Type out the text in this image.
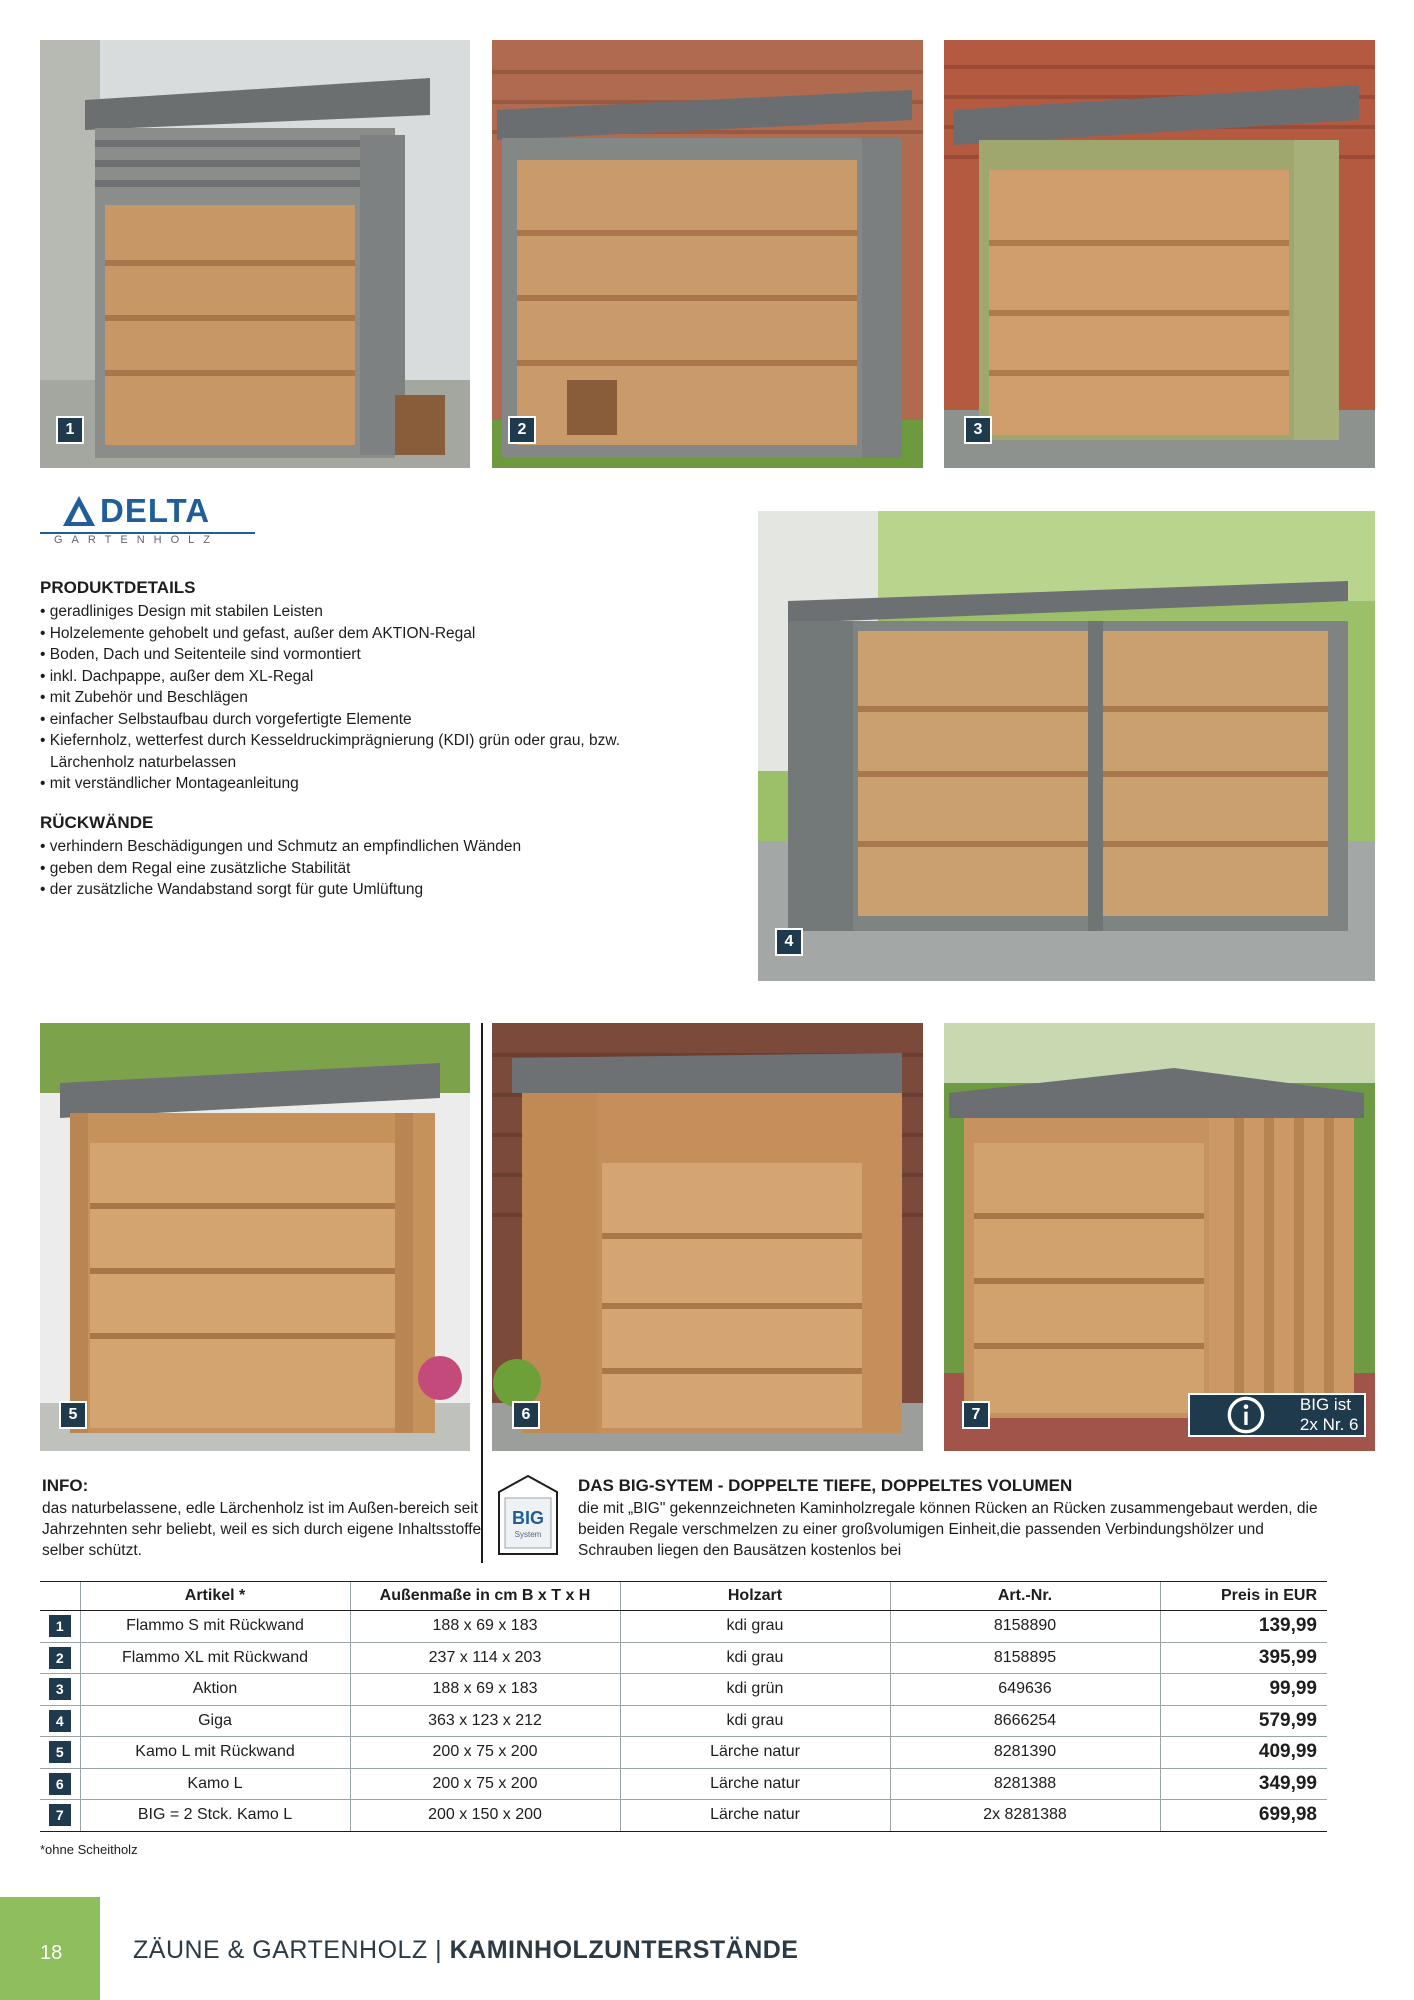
1	2	3
DELTA
GARTENHOLZ
PRODUKTDETAILS
• geradliniges Design mit stabilen Leisten
• Holzelemente gehobelt und gefast, außer dem AKTION-Regal
• Boden, Dach und Seitenteile sind vormontiert
• inkl. Dachpappe, außer dem XL-Regal
• mit Zubehör und Beschlägen
• einfacher Selbstaufbau durch vorgefertigte Elemente
• Kiefernholz, wetterfest durch Kesseldruckimprägnierung (KDI) grün oder grau, bzw. Lärchenholz naturbelassen
• mit verständlicher Montageanleitung
RÜCKWÄNDE
• verhindern Beschädigungen und Schmutz an empfindlichen Wänden
• geben dem Regal eine zusätzliche Stabilität
• der zusätzliche Wandabstand sorgt für gute Umlüftung
4
5	6	7
BIG ist 2x Nr. 6
INFO:
das naturbelassene, edle Lärchenholz ist im Außen-bereich seit Jahrzehnten sehr beliebt, weil es sich durch eigene Inhaltsstoffe selber schützt.
BIG
System
DAS BIG-SYTEM - DOPPELTE TIEFE, DOPPELTES VOLUMEN
die mit „BIG" gekennzeichneten Kaminholzregale können Rücken an Rücken zusammengebaut werden, die beiden Regale verschmelzen zu einer großvolumigen Einheit,die passenden Verbindungshölzer und Schrauben liegen den Bausätzen kostenlos bei
	Artikel *	Außenmaße in cm B x T x H	Holzart	Art.-Nr.	Preis in EUR
1	Flammo S mit Rückwand	188 x 69 x 183	kdi grau	8158890	139,99
2	Flammo XL mit Rückwand	237 x 114 x 203	kdi grau	8158895	395,99
3	Aktion	188 x 69 x 183	kdi grün	649636	99,99
4	Giga	363 x 123 x 212	kdi grau	8666254	579,99
5	Kamo L mit Rückwand	200 x 75 x 200	Lärche natur	8281390	409,99
6	Kamo L	200 x 75 x 200	Lärche natur	8281388	349,99
7	BIG = 2 Stck. Kamo L	200 x 150 x 200	Lärche natur	2x 8281388	699,98
*ohne Scheitholz
18	ZÄUNE & GARTENHOLZ | KAMINHOLZUNTERSTÄNDE
